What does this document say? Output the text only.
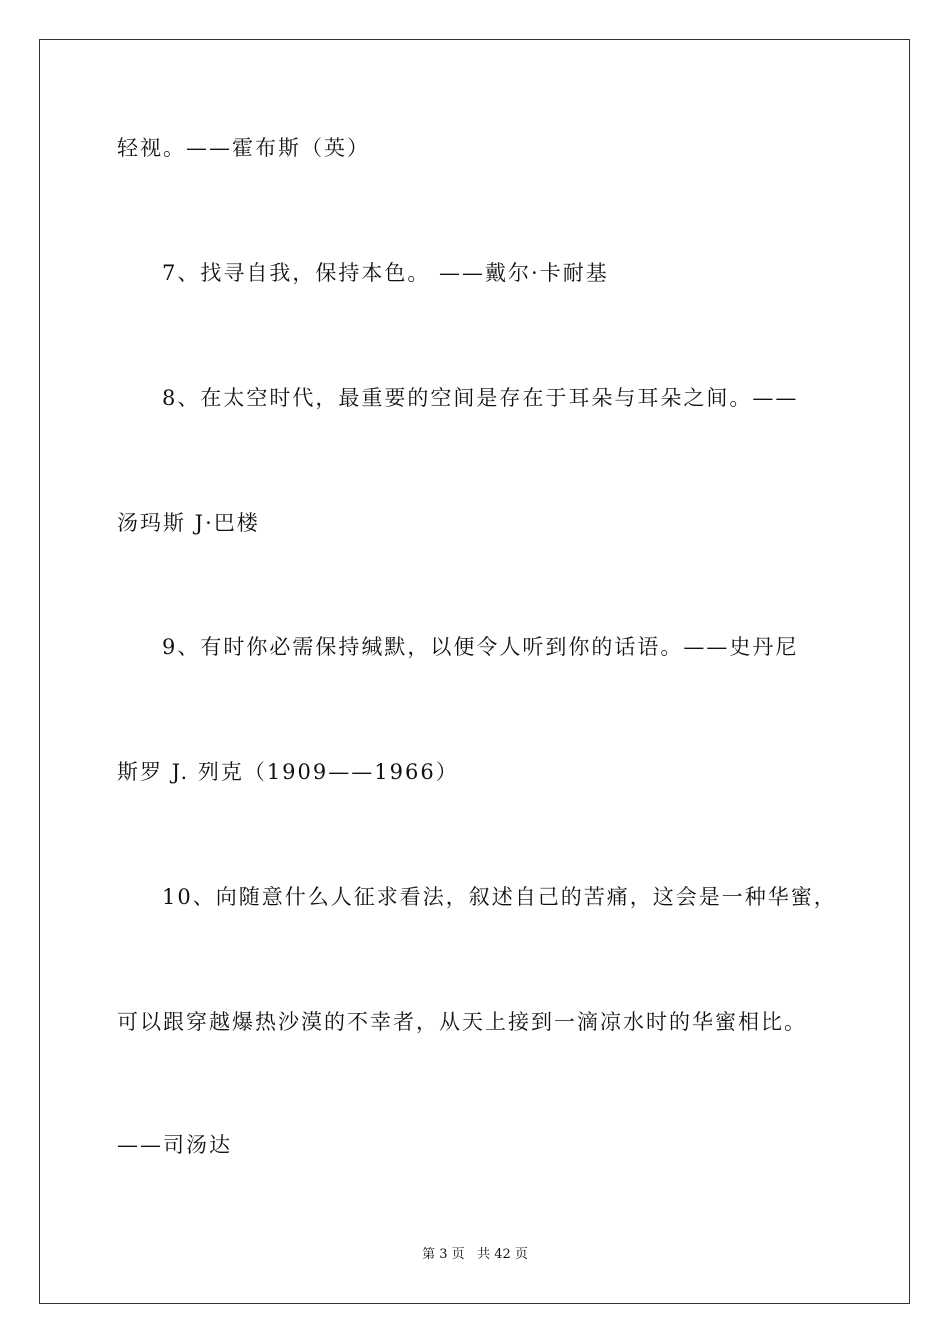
轻视。——霍布斯（英）
7、找寻自我，保持本色。 ——戴尔·卡耐基
8、在太空时代，最重要的空间是存在于耳朵与耳朵之间。——
汤玛斯 J·巴楼
9、有时你必需保持缄默，以便令人听到你的话语。——史丹尼
斯罗 J. 列克（1909——1966）
10、向随意什么人征求看法，叙述自己的苦痛，这会是一种华蜜，
可以跟穿越爆热沙漠的不幸者，从天上接到一滴凉水时的华蜜相比。
——司汤达
第 3 页 共 42 页
